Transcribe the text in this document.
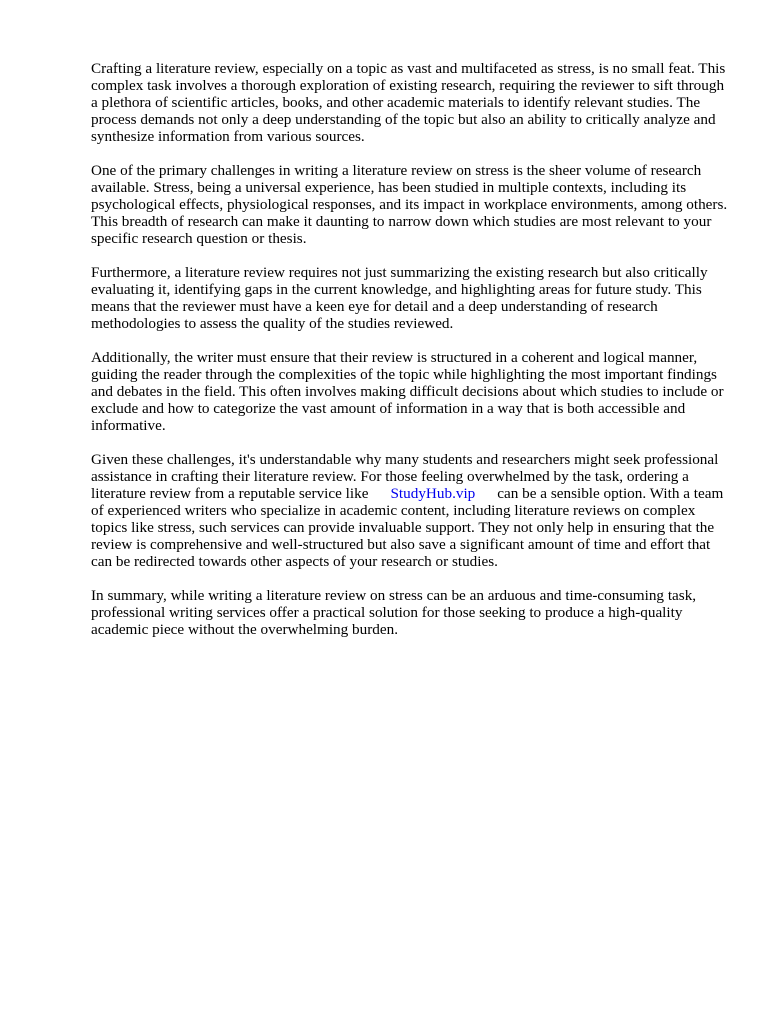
Crafting a literature review, especially on a topic as vast and multifaceted as stress, is no small feat. This complex task involves a thorough exploration of existing research, requiring the reviewer to sift through a plethora of scientific articles, books, and other academic materials to identify relevant studies. The process demands not only a deep understanding of the topic but also an ability to critically analyze and synthesize information from various sources.

One of the primary challenges in writing a literature review on stress is the sheer volume of research available. Stress, being a universal experience, has been studied in multiple contexts, including its psychological effects, physiological responses, and its impact in workplace environments, among others. This breadth of research can make it daunting to narrow down which studies are most relevant to your specific research question or thesis.

Furthermore, a literature review requires not just summarizing the existing research but also critically evaluating it, identifying gaps in the current knowledge, and highlighting areas for future study. This means that the reviewer must have a keen eye for detail and a deep understanding of research methodologies to assess the quality of the studies reviewed.

Additionally, the writer must ensure that their review is structured in a coherent and logical manner, guiding the reader through the complexities of the topic while highlighting the most important findings and debates in the field. This often involves making difficult decisions about which studies to include or exclude and how to categorize the vast amount of information in a way that is both accessible and informative.

Given these challenges, it's understandable why many students and researchers might seek professional assistance in crafting their literature review. For those feeling overwhelmed by the task, ordering a literature review from a reputable service like StudyHub.vip can be a sensible option. With a team of experienced writers who specialize in academic content, including literature reviews on complex topics like stress, such services can provide invaluable support. They not only help in ensuring that the review is comprehensive and well-structured but also save a significant amount of time and effort that can be redirected towards other aspects of your research or studies.

In summary, while writing a literature review on stress can be an arduous and time-consuming task, professional writing services offer a practical solution for those seeking to produce a high-quality academic piece without the overwhelming burden.
